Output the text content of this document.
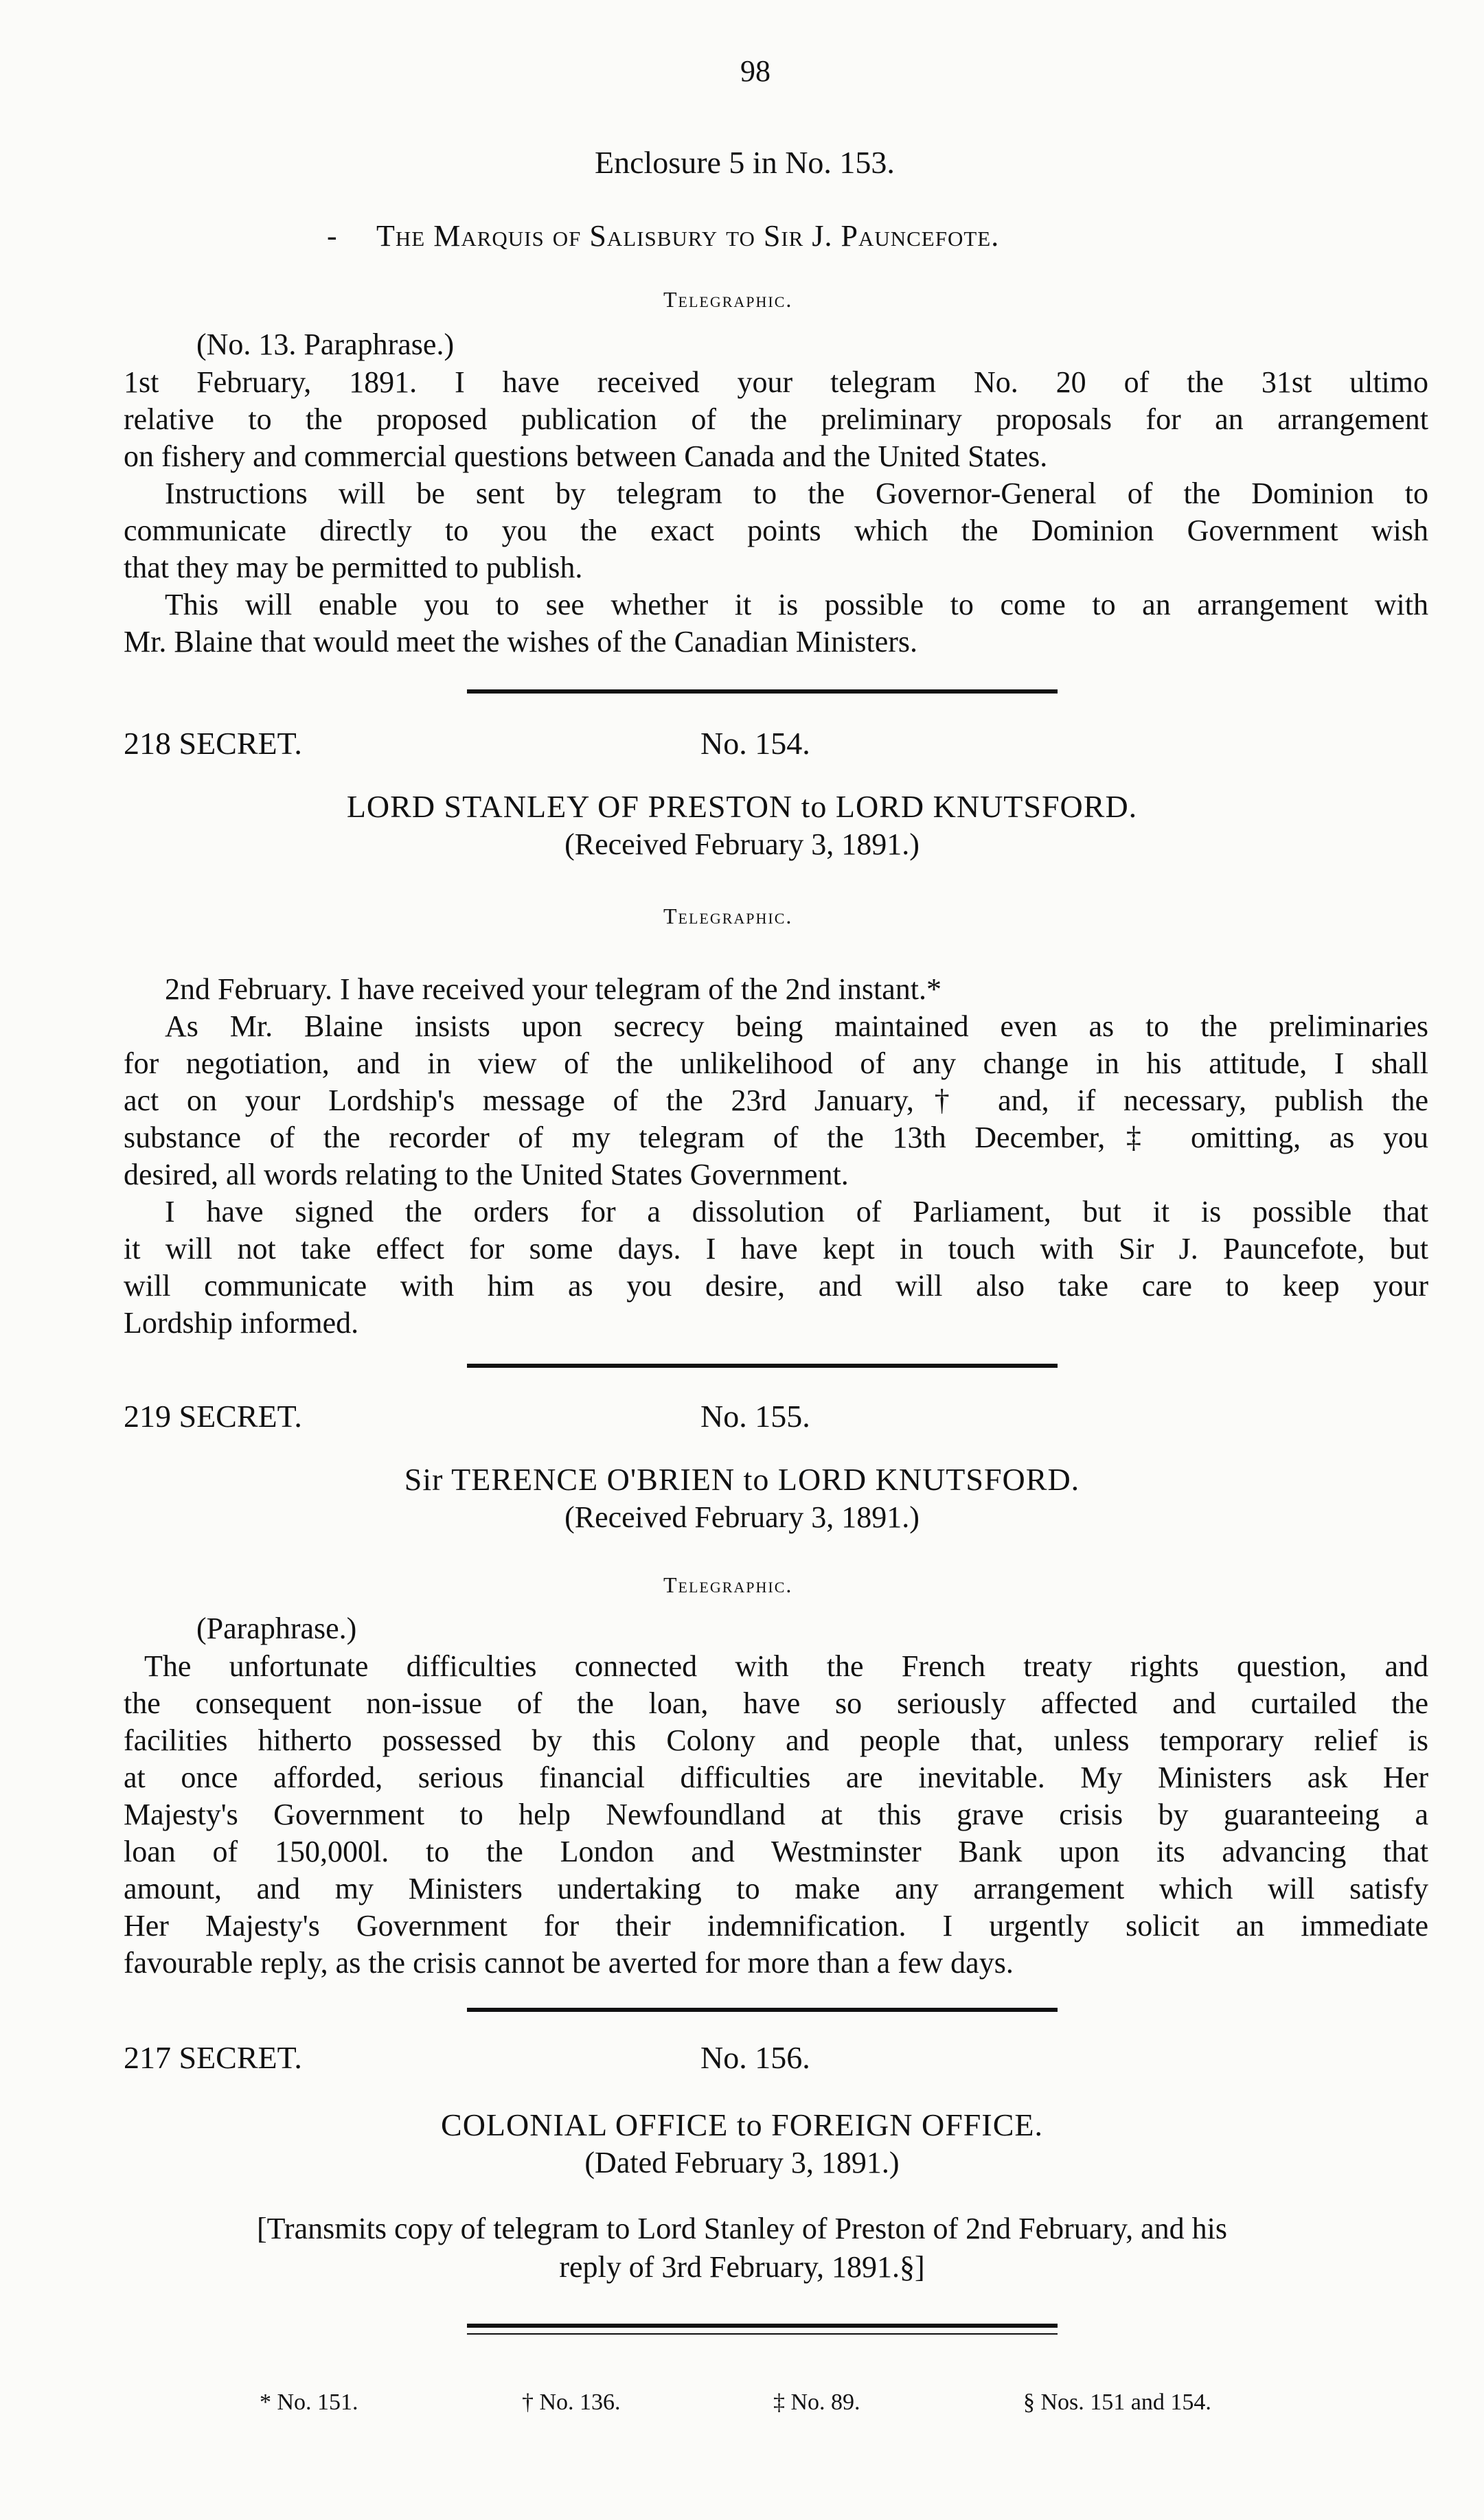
98
Enclosure 5 in No. 153.
- The Marquis of Salisbury to Sir J. Pauncefote.
Telegraphic.
(No. 13. Paraphrase.)
1st February, 1891. I have received your telegram No. 20 of the 31st ultimo
relative to the proposed publication of the preliminary proposals for an arrangement
on fishery and commercial questions between Canada and the United States.
Instructions will be sent by telegram to the Governor-General of the Dominion to
communicate directly to you the exact points which the Dominion Government wish
that they may be permitted to publish.
This will enable you to see whether it is possible to come to an arrangement with
Mr. Blaine that would meet the wishes of the Canadian Ministers.
218 SECRET.	No. 154.
LORD STANLEY OF PRESTON to LORD KNUTSFORD.
(Received February 3, 1891.)
Telegraphic.
2nd February. I have received your telegram of the 2nd instant.*
As Mr. Blaine insists upon secrecy being maintained even as to the preliminaries
for negotiation, and in view of the unlikelihood of any change in his attitude, I shall
act on your Lordship's message of the 23rd January,† and, if necessary, publish the
substance of the recorder of my telegram of the 13th December,‡ omitting, as you
desired, all words relating to the United States Government.
I have signed the orders for a dissolution of Parliament, but it is possible that
it will not take effect for some days. I have kept in touch with Sir J. Pauncefote, but
will communicate with him as you desire, and will also take care to keep your
Lordship informed.
219 SECRET.	No. 155.
Sir TERENCE O'BRIEN to LORD KNUTSFORD.
(Received February 3, 1891.)
Telegraphic.
(Paraphrase.)
The unfortunate difficulties connected with the French treaty rights question, and
the consequent non-issue of the loan, have so seriously affected and curtailed the
facilities hitherto possessed by this Colony and people that, unless temporary relief is
at once afforded, serious financial difficulties are inevitable. My Ministers ask Her
Majesty's Government to help Newfoundland at this grave crisis by guaranteeing a
loan of 150,000l. to the London and Westminster Bank upon its advancing that
amount, and my Ministers undertaking to make any arrangement which will satisfy
Her Majesty's Government for their indemnification. I urgently solicit an immediate
favourable reply, as the crisis cannot be averted for more than a few days.
217 SECRET.	No. 156.
COLONIAL OFFICE to FOREIGN OFFICE.
(Dated February 3, 1891.)
[Transmits copy of telegram to Lord Stanley of Preston of 2nd February, and his
reply of 3rd February, 1891.§]
* No. 151.	† No. 136.	‡ No. 89.	§ Nos. 151 and 154.
